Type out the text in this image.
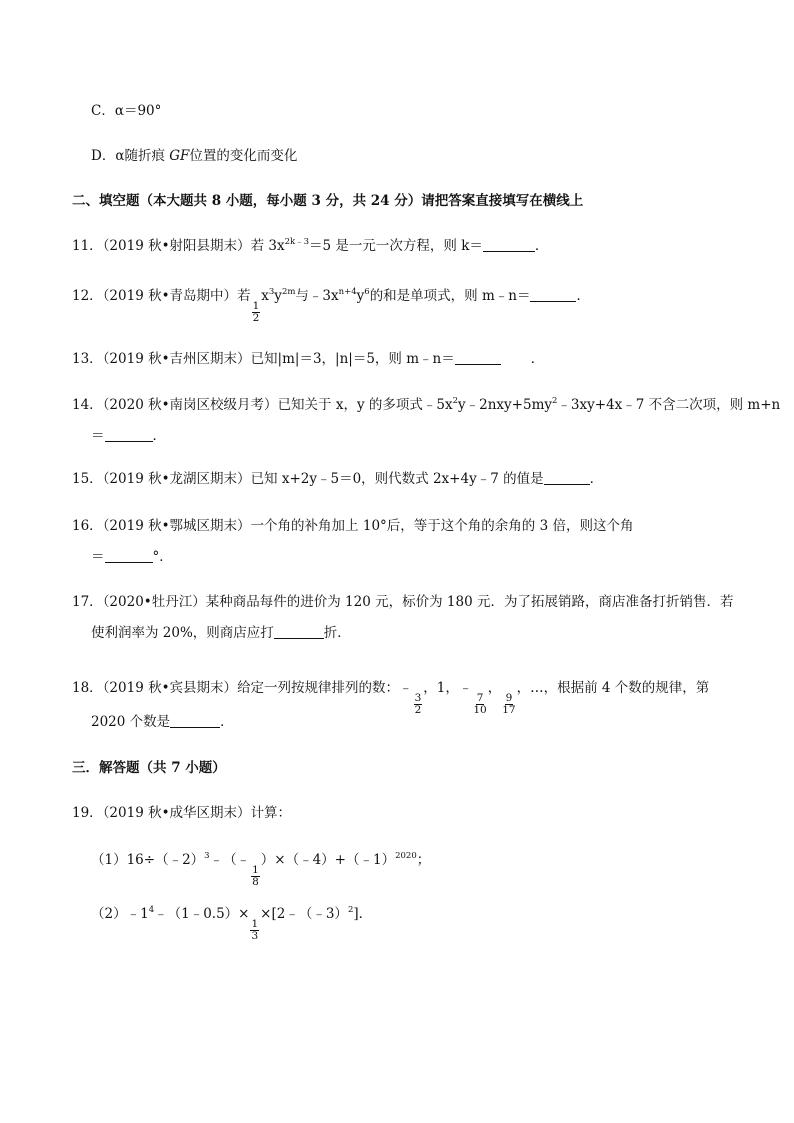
C．α＝90°
D．α随折痕 GF位置的变化而变化
二、填空题（本大题共 8 小题，每小题 3 分，共 24 分）请把答案直接填写在横线上
11．（2019 秋•射阳县期末）若 $3x^{2k﹣3}=5$ 是一元一次方程，则 k＝	．
12．（2019 秋•青岛期中）若
$\frac{1}{2}$
$x^3y^{2m}$与$﹣3x^{n+4}y^6$的和是单项式，则 m﹣n＝	．
13．（2019 秋•吉州区期末）已知|m|＝3，|n|＝5，则 m﹣n＝	．
14．（2020 秋•南岗区校级月考）已知关于 x，y 的多项式$﹣5x^2y﹣2nxy+5my^2﹣3xy+4x﹣7$ 不含二次项，则 m+n
＝	．
15．（2019 秋•龙湖区期末）已知 x+2y﹣5＝0，则代数式 2x+4y﹣7 的值是	．
16．（2019 秋•鄂城区期末）一个角的补角加上 10°后，等于这个角的余角的 3 倍，则这个角
＝	°．
17．（2020•牡丹江）某种商品每件的进价为 120 元，标价为 180 元．为了拓展销路，商店准备打折销售．若
使利润率为 20%，则商店应打	折．
18．（2019 秋•宾县期末）给定一列按规律排列的数：﹣
$\frac{3}{2}$
，1，﹣
$\frac{7}{10}$
，
$\frac{9}{17}$
，…，根据前 4 个数的规律，第
2020 个数是	．
三．解答题（共 7 小题）
19．（2019 秋•成华区期末）计算：
（1）16÷（﹣2）$^3$﹣（﹣
$\frac{1}{8}$
）×（﹣4）+（﹣1）$^{2020}$；
$(2)﹣1^4﹣(1﹣0.5)\times$
$\frac{1}{3}$
×[2﹣（﹣3）$^2$]．
